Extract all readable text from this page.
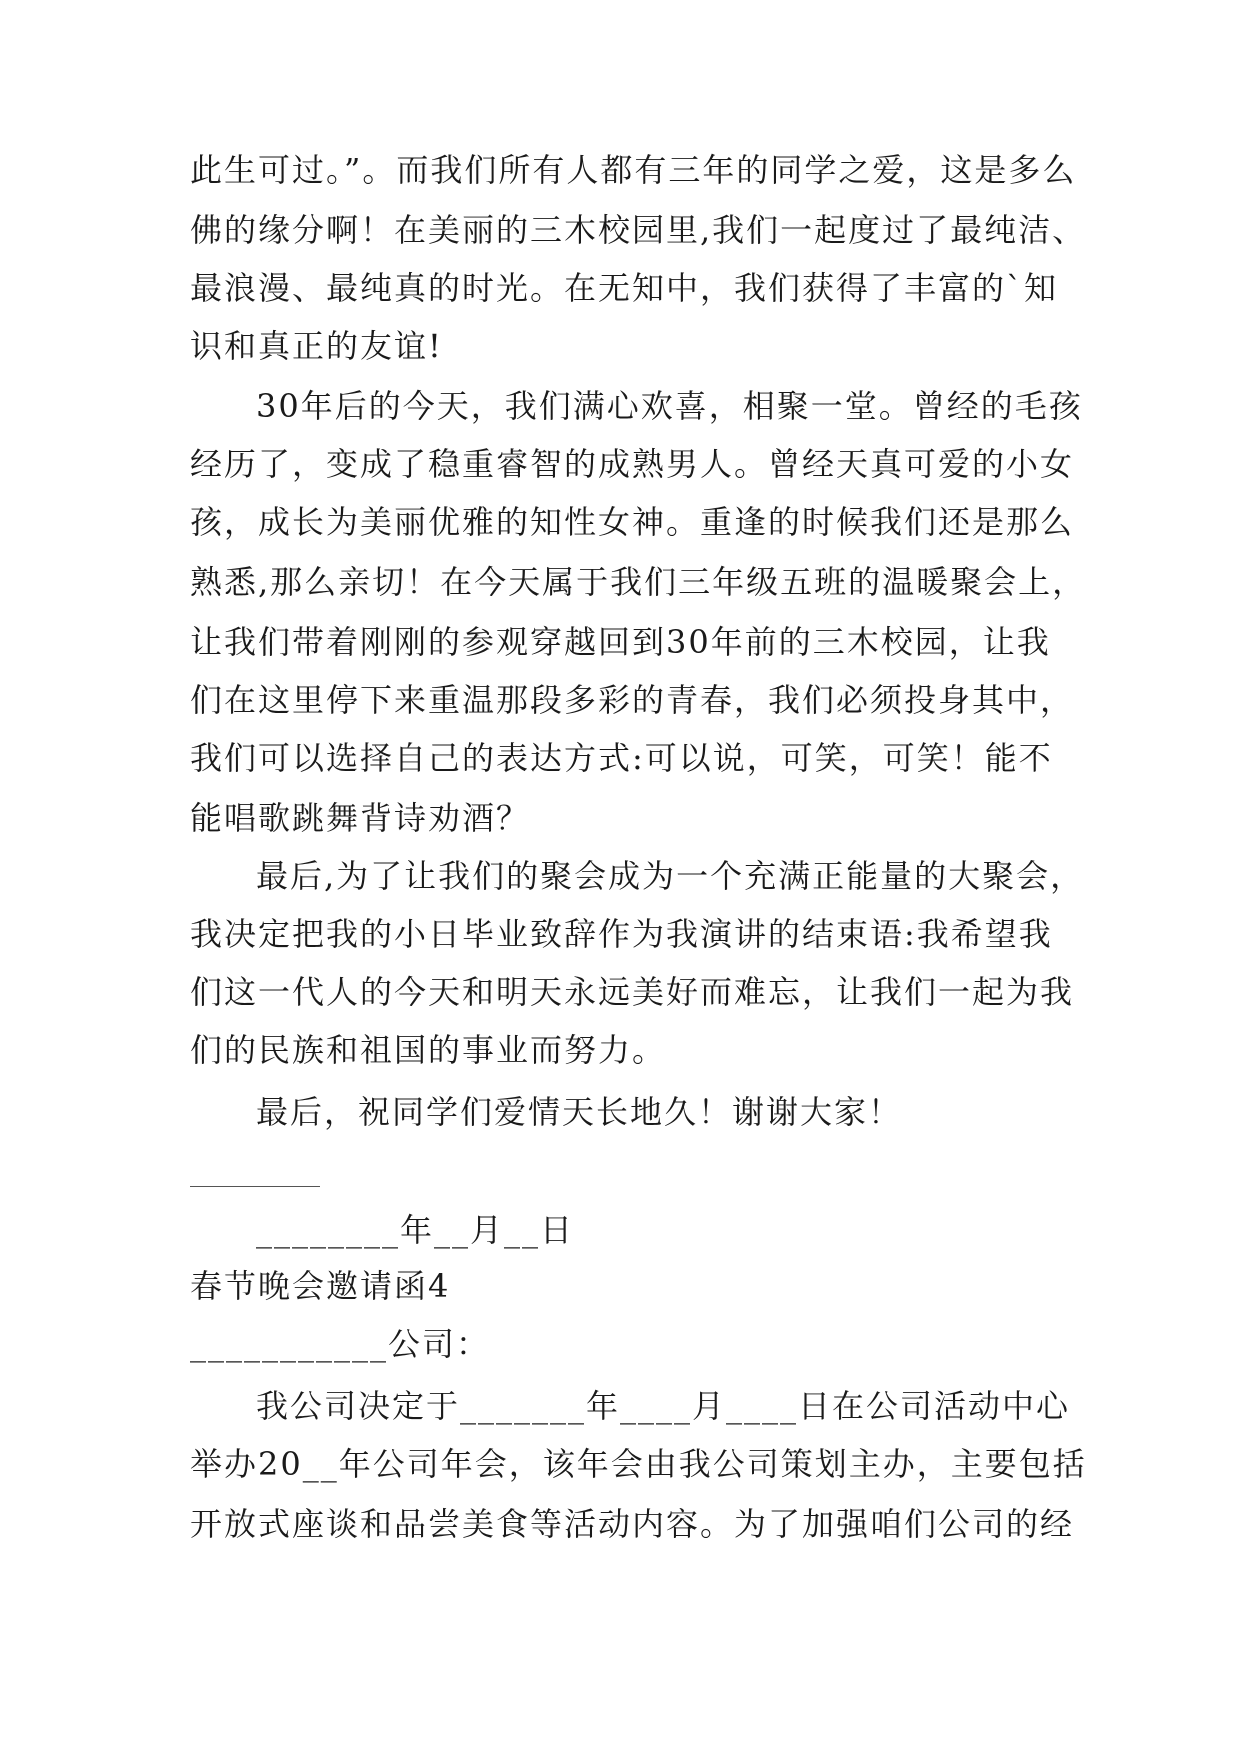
此生可过。”。而我们所有人都有三年的同学之爱，这是多么
佛的缘分啊！在美丽的三木校园里,我们一起度过了最纯洁、
最浪漫、最纯真的时光。在无知中，我们获得了丰富的`知
识和真正的友谊!
30年后的今天，我们满心欢喜，相聚一堂。曾经的毛孩
经历了，变成了稳重睿智的成熟男人。曾经天真可爱的小女
孩，成长为美丽优雅的知性女神。重逢的时候我们还是那么
熟悉,那么亲切！在今天属于我们三年级五班的温暖聚会上，
让我们带着刚刚的参观穿越回到30年前的三木校园，让我
们在这里停下来重温那段多彩的青春，我们必须投身其中，
我们可以选择自己的表达方式:可以说，可笑，可笑！能不
能唱歌跳舞背诗劝酒？
最后,为了让我们的聚会成为一个充满正能量的大聚会，
我决定把我的小日毕业致辞作为我演讲的结束语:我希望我
们这一代人的今天和明天永远美好而难忘，让我们一起为我
们的民族和祖国的事业而努力。
最后，祝同学们爱情天长地久！谢谢大家！
________年__月__日
春节晚会邀请函4
___________公司：
我公司决定于_______年____月____日在公司活动中心
举办20__年公司年会，该年会由我公司策划主办，主要包括
开放式座谈和品尝美食等活动内容。为了加强咱们公司的经
